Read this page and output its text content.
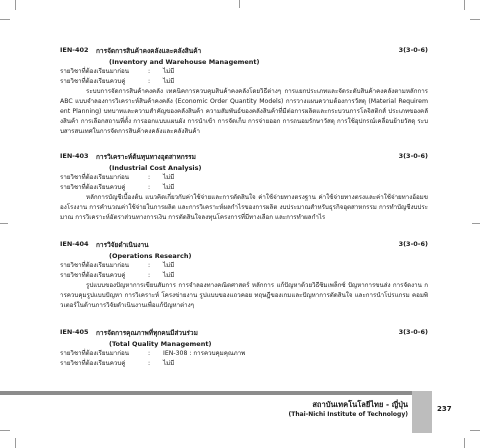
IEN-402 การจัดการสินค้าคงคลังและคลังสินค้า	3(3-0-6)
(Inventory and Warehouse Management)
รายวิชาที่ต้องเรียนมาก่อน	: ไม่มี
รายวิชาที่ต้องเรียนควบคู่	: ไม่มี
ระบบการจัดการสินค้าคงคลัง เทคนิคการควบคุมสินค้าคงคลังโดยวิธีต่างๆ การแยกประเภทและจัดระดับสินค้าคงคลังตามหลักการ ABC แบบจำลองการวิเคราะห์สินค้าคงคลัง (Economic Order Quantity Models) การวางแผนความต้องการวัสดุ (Material Requirement Planning) บทบาทและความสำคัญของคลังสินค้า ความสัมพันธ์ของคลังสินค้าที่มีต่อการผลิตและกระบวนการโลจิสติกส์ ประเภทของคลังสินค้า การเลือกสถานที่ตั้ง การออกแบบแผนผัง การนำเข้า การจัดเก็บ การจ่ายออก การถนอมรักษาวัสดุ การใช้อุปกรณ์เคลื่อนย้ายวัสดุ ระบบสารสนเทศในการจัดการสินค้าคงคลังและคลังสินค้า
IEN-403 การวิเคราะห์ต้นทุนทางอุตสาหกรรม	3(3-0-6)
(Industrial Cost Analysis)
รายวิชาที่ต้องเรียนมาก่อน	: ไม่มี
รายวิชาที่ต้องเรียนควบคู่	: ไม่มี
หลักการบัญชีเบื้องต้น แนวคิดเกี่ยวกับค่าใช้จ่ายและการตัดสินใจ ค่าใช้จ่ายทางตรงฐาน ค่าใช้จ่ายทางตรงและค่าใช้จ่ายทางอ้อมของโรงงาน การคำนวณค่าใช้จ่ายในการผลิต และการวิเคราะห์ผลกำไรของการผลิต งบประมาณสำหรับธุรกิจอุตสาหกรรม การทำบัญชีงบประมาณ การวิเคราะห์อัตราส่วนทางการเงิน การตัดสินใจลงทุนโครงการที่มีทางเลือก และการทำผลกำไร
IEN-404 การวิจัยดำเนินงาน	3(3-0-6)
(Operations Research)
รายวิชาที่ต้องเรียนมาก่อน	: ไม่มี
รายวิชาที่ต้องเรียนควบคู่	: ไม่มี
รูปแบบของปัญหาการเขียนสัมการ การจำลองทางคณิตศาสตร์ หลักการ แก้ปัญหาด้วยวิธีซิมเพล็กซ์ ปัญหาการขนส่ง การจัดงาน การควบคุมรูปแบบปัญหา การวิเคราะห์ โครงข่ายงาน รูปแบบของแถวคอย ทฤษฎีของเกมและปัญหาการตัดสินใจ และการนำโปรแกรม คอมพิวเตอร์ในด้านการวิจัยดำเนินงานเพื่อแก้ปัญหาต่างๆ
IEN-405 การจัดการคุณภาพที่ทุกคนมีส่วนร่วม	3(3-0-6)
(Total Quality Management)
รายวิชาที่ต้องเรียนมาก่อน	: IEN-308 : การควบคุมคุณภาพ
รายวิชาที่ต้องเรียนควบคู่	: ไม่มี
สถาบันเทคโนโลยีไทย - ญี่ปุ่น
(Thai-Nichi Institute of Technology)
237
